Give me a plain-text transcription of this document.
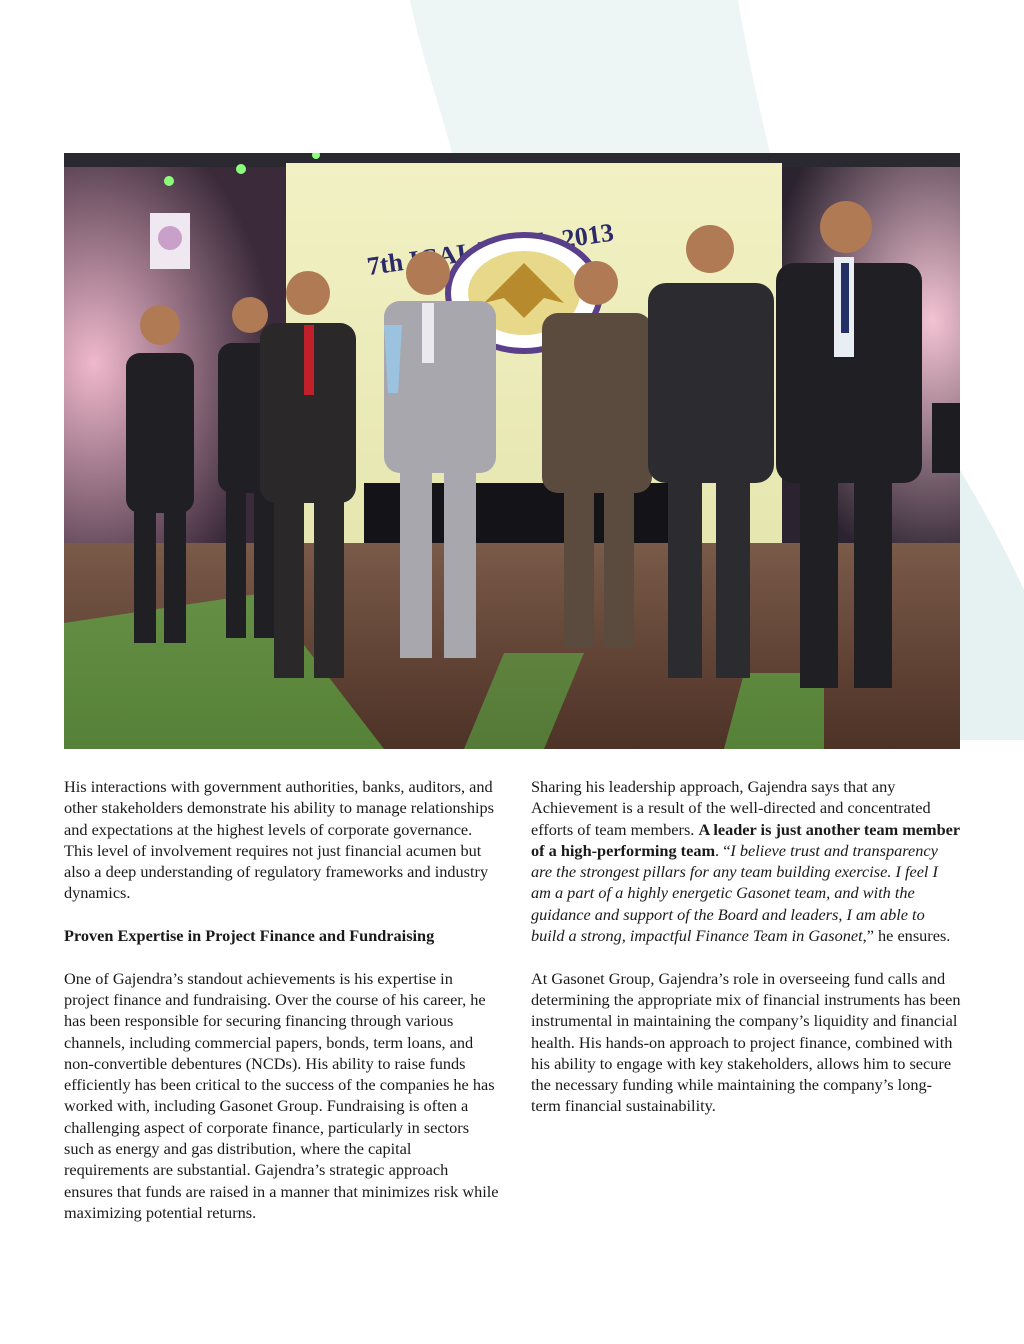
7th 2013

His interactions with government authorities, banks, auditors, and other stakeholders demonstrate his ability to manage relationships and expectations at the highest levels of corporate governance. This level of involvement requires not just financial acumen but also a deep understanding of regulatory frameworks and industry dynamics.

Proven Expertise in Project Finance and Fundraising

One of Gajendra’s standout achievements is his expertise in project finance and fundraising. Over the course of his career, he has been responsible for securing financing through various channels, including commercial papers, bonds, term loans, and non-convertible debentures (NCDs). His ability to raise funds efficiently has been critical to the success of the companies he has worked with, including Gasonet Group. Fundraising is often a challenging aspect of corporate finance, particularly in sectors such as energy and gas distribution, where the capital requirements are substantial. Gajendra’s strategic approach ensures that funds are raised in a manner that minimizes risk while maximizing potential returns.

Sharing his leadership approach, Gajendra says that any Achievement is a result of the well-directed and concentrated efforts of team members. A leader is just another team member of a high-performing team. “I believe trust and transparency are the strongest pillars for any team building exercise. I feel I am a part of a highly energetic Gasonet team, and with the guidance and support of the Board and leaders, I am able to build a strong, impactful Finance Team in Gasonet,” he ensures.

At Gasonet Group, Gajendra’s role in overseeing fund calls and determining the appropriate mix of financial instruments has been instrumental in maintaining the company’s liquidity and financial health. His hands-on approach to project finance, combined with his ability to engage with key stakeholders, allows him to secure the necessary funding while maintaining the company’s long-term financial sustainability.
